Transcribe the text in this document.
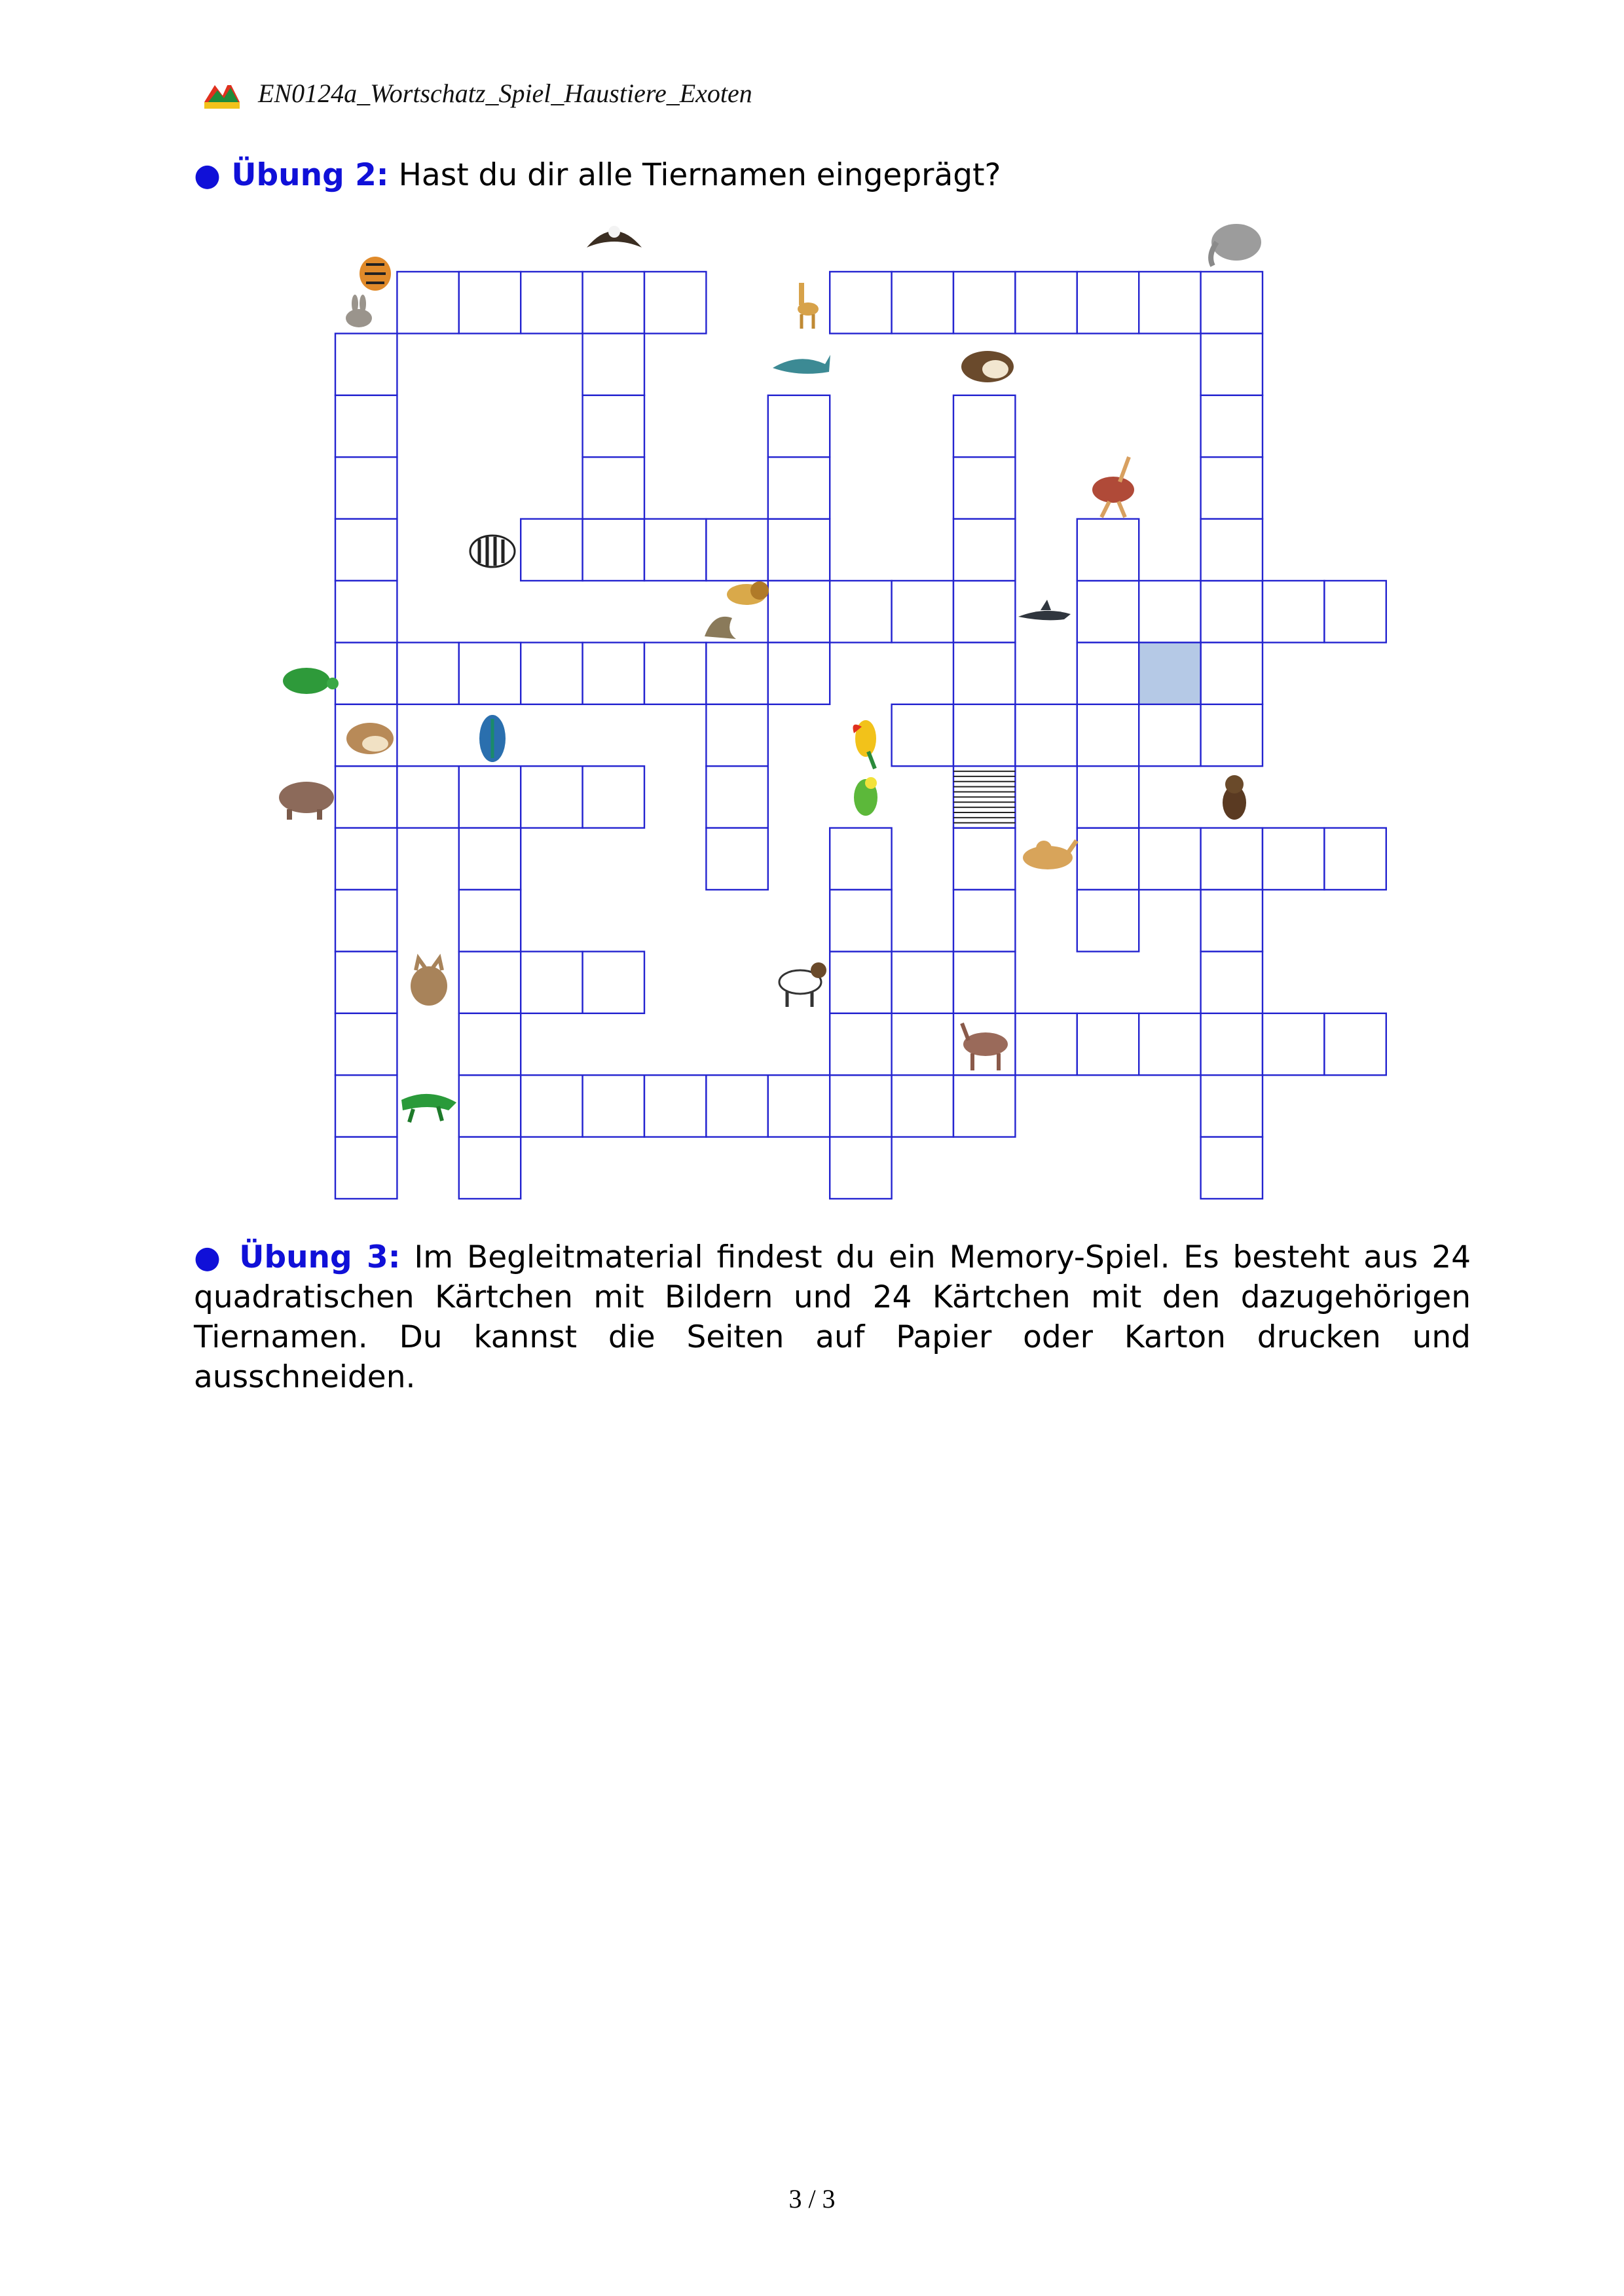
EN0124a_Wortschatz_Spiel_Haustiere_Exoten
● Übung 2: Hast du dir alle Tiernamen eingeprägt?
● Übung 3: Im Begleitmaterial findest du ein Memory-Spiel. Es besteht aus 24 quadratischen Kärtchen mit Bildern und 24 Kärtchen mit den dazugehörigen Tiernamen. Du kannst die Seiten auf Papier oder Karton drucken und ausschneiden.
3 / 3
